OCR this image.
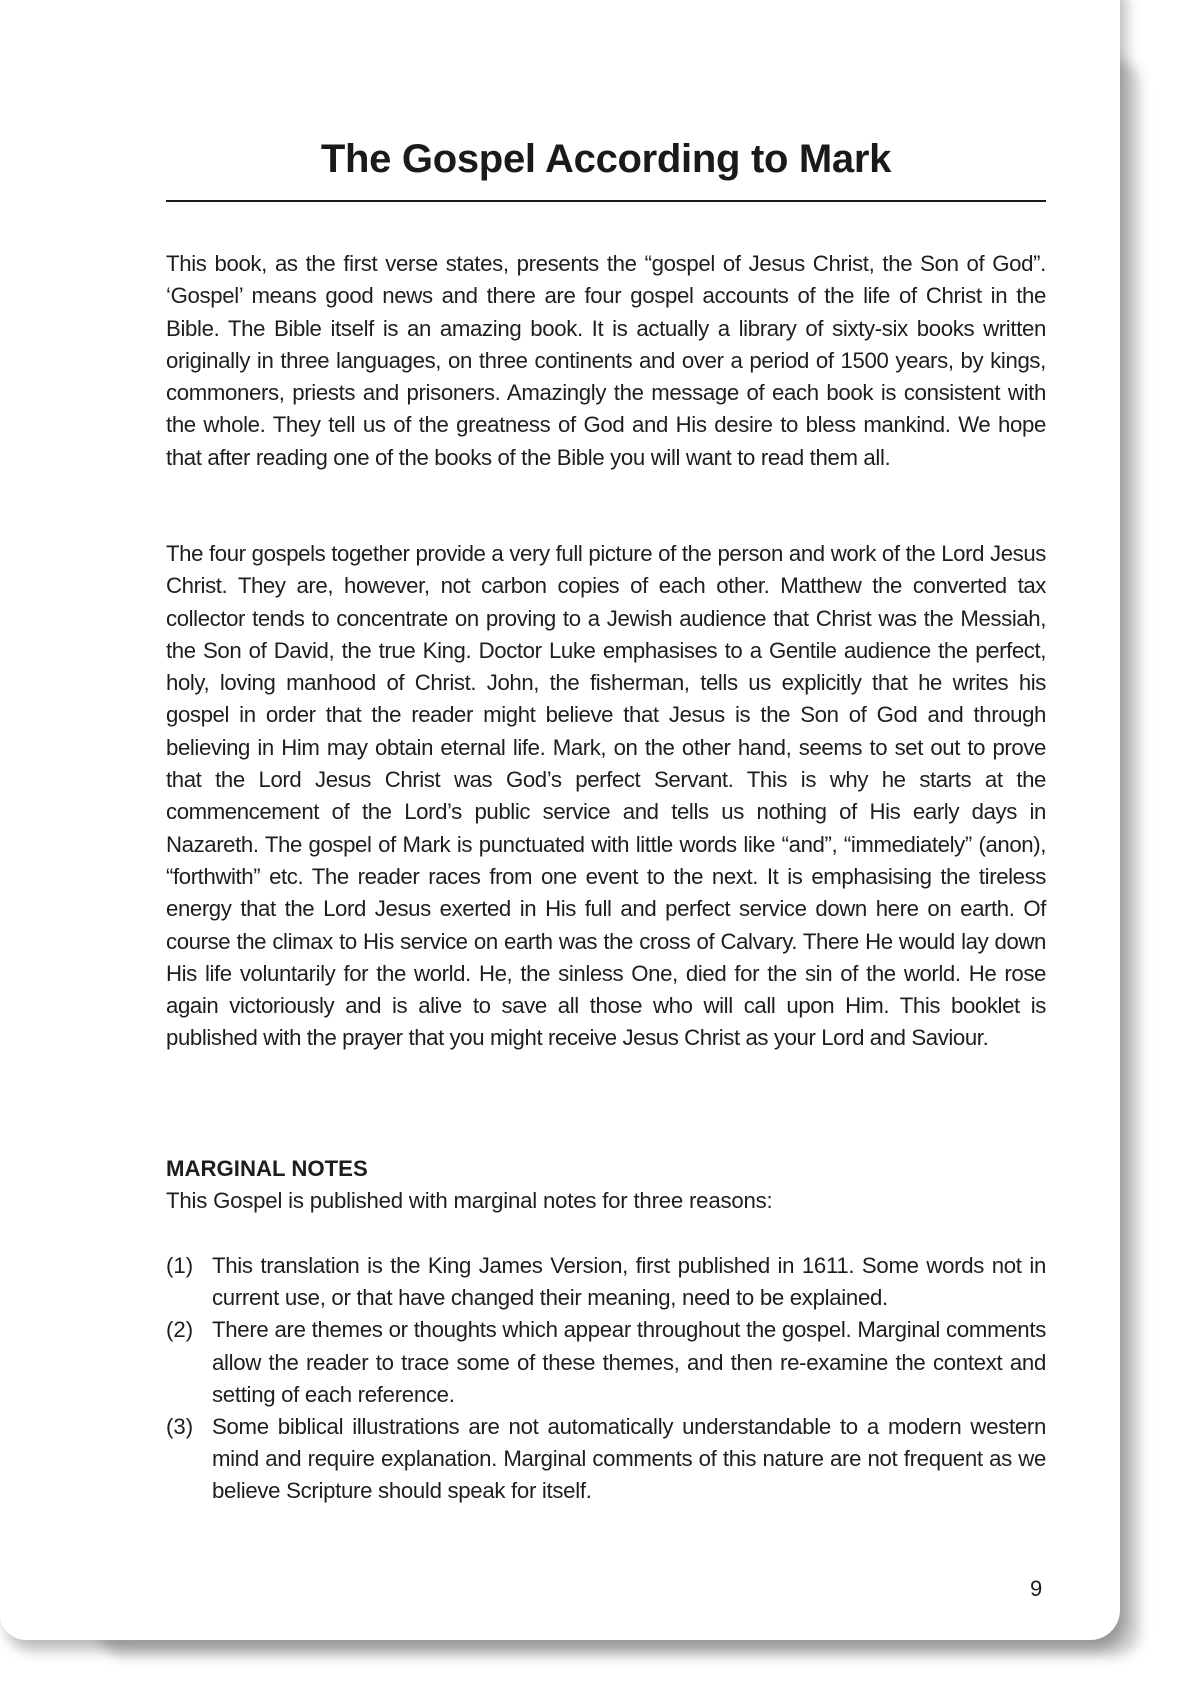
The Gospel According to Mark

This book, as the first verse states, presents the “gospel of Jesus Christ, the Son of God”. ‘Gospel’ means good news and there are four gospel accounts of the life of Christ in the Bible. The Bible itself is an amazing book. It is actually a library of sixty-six books written originally in three languages, on three continents and over a period of 1500 years, by kings, commoners, priests and prisoners. Amazingly the message of each book is consistent with the whole. They tell us of the greatness of God and His desire to bless mankind. We hope that after reading one of the books of the Bible you will want to read them all.

The four gospels together provide a very full picture of the person and work of the Lord Jesus Christ. They are, however, not carbon copies of each other. Matthew the converted tax collector tends to concentrate on proving to a Jewish audience that Christ was the Messiah, the Son of David, the true King. Doctor Luke emphasises to a Gentile audience the perfect, holy, loving manhood of Christ. John, the fisherman, tells us explicitly that he writes his gospel in order that the reader might believe that Jesus is the Son of God and through believing in Him may obtain eternal life. Mark, on the other hand, seems to set out to prove that the Lord Jesus Christ was God’s perfect Servant. This is why he starts at the commencement of the Lord’s public service and tells us nothing of His early days in Nazareth. The gospel of Mark is punctuated with little words like “and”, “immediately” (anon), “forthwith” etc. The reader races from one event to the next. It is emphasising the tireless energy that the Lord Jesus exerted in His full and perfect service down here on earth. Of course the climax to His service on earth was the cross of Calvary. There He would lay down His life voluntarily for the world. He, the sinless One, died for the sin of the world. He rose again victoriously and is alive to save all those who will call upon Him. This booklet is published with the prayer that you might receive Jesus Christ as your Lord and Saviour.

MARGINAL NOTES

This Gospel is published with marginal notes for three reasons:

(1) This translation is the King James Version, first published in 1611. Some words not in current use, or that have changed their meaning, need to be explained.
(2) There are themes or thoughts which appear throughout the gospel. Marginal comments allow the reader to trace some of these themes, and then re-examine the context and setting of each reference.
(3) Some biblical illustrations are not automatically understandable to a modern western mind and require explanation. Marginal comments of this nature are not frequent as we believe Scripture should speak for itself.
9
